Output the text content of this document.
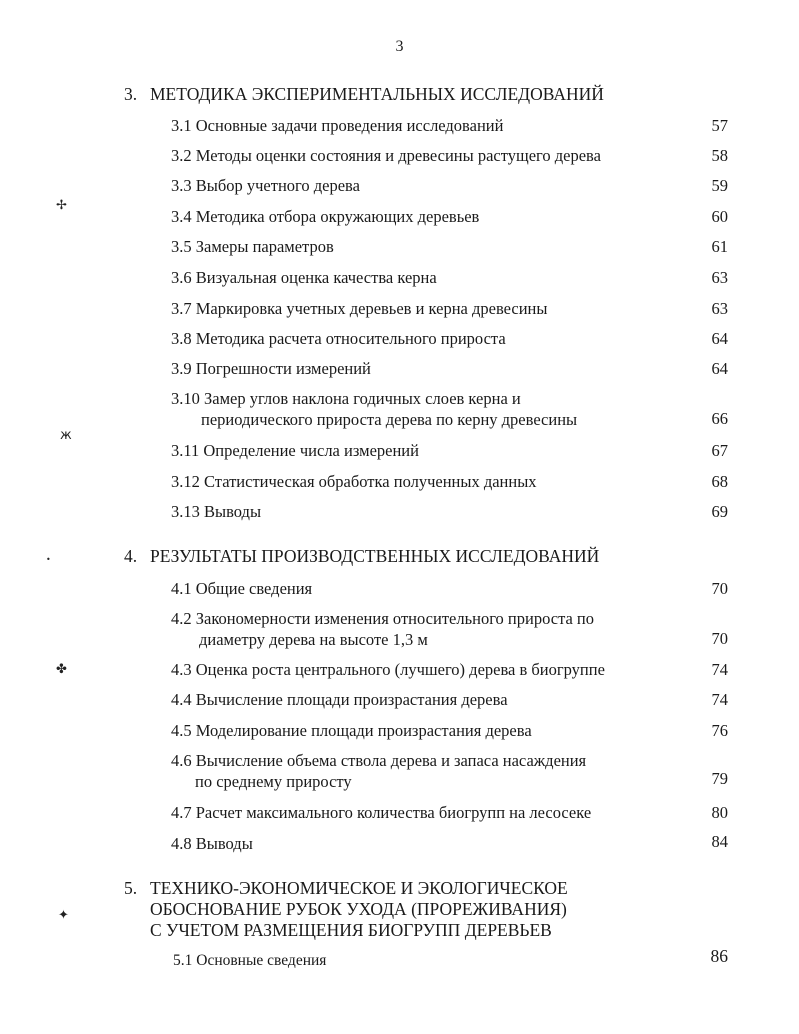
3
3. МЕТОДИКА ЭКСПЕРИМЕНТАЛЬНЫХ ИССЛЕДОВАНИЙ
3.1 Основные задачи проведения исследований	57
3.2 Методы оценки состояния и древесины растущего дерева	58
3.3 Выбор учетного дерева	59
3.4 Методика отбора окружающих деревьев	60
3.5 Замеры параметров	61
3.6 Визуальная оценка качества керна	63
3.7 Маркировка учетных деревьев и керна древесины	63
3.8 Методика расчета относительного прироста	64
3.9 Погрешности измерений	64
3.10 Замер углов наклона годичных слоев керна и
периодического прироста дерева по керну древесины	66
3.11 Определение числа измерений	67
3.12 Статистическая обработка полученных данных	68
3.13 Выводы	69
4. РЕЗУЛЬТАТЫ ПРОИЗВОДСТВЕННЫХ ИССЛЕДОВАНИЙ
4.1 Общие сведения	70
4.2 Закономерности изменения относительного прироста по
диаметру дерева на высоте 1,3 м	70
4.3 Оценка роста центрального (лучшего) дерева в биогруппе	74
4.4 Вычисление площади произрастания дерева	74
4.5 Моделирование площади произрастания дерева	76
4.6 Вычисление объема ствола дерева и запаса насаждения
по среднему приросту	79
4.7 Расчет максимального количества биогрупп на лесосеке	80
4.8 Выводы	84
5. ТЕХНИКО-ЭКОНОМИЧЕСКОЕ И ЭКОЛОГИЧЕСКОЕ
ОБОСНОВАНИЕ РУБОК УХОДА (ПРОРЕЖИВАНИЯ)
С УЧЕТОМ РАЗМЕЩЕНИЯ БИОГРУПП ДЕРЕВЬЕВ
5.1 Основные сведения	86
✢
ж
•
✤
✦
